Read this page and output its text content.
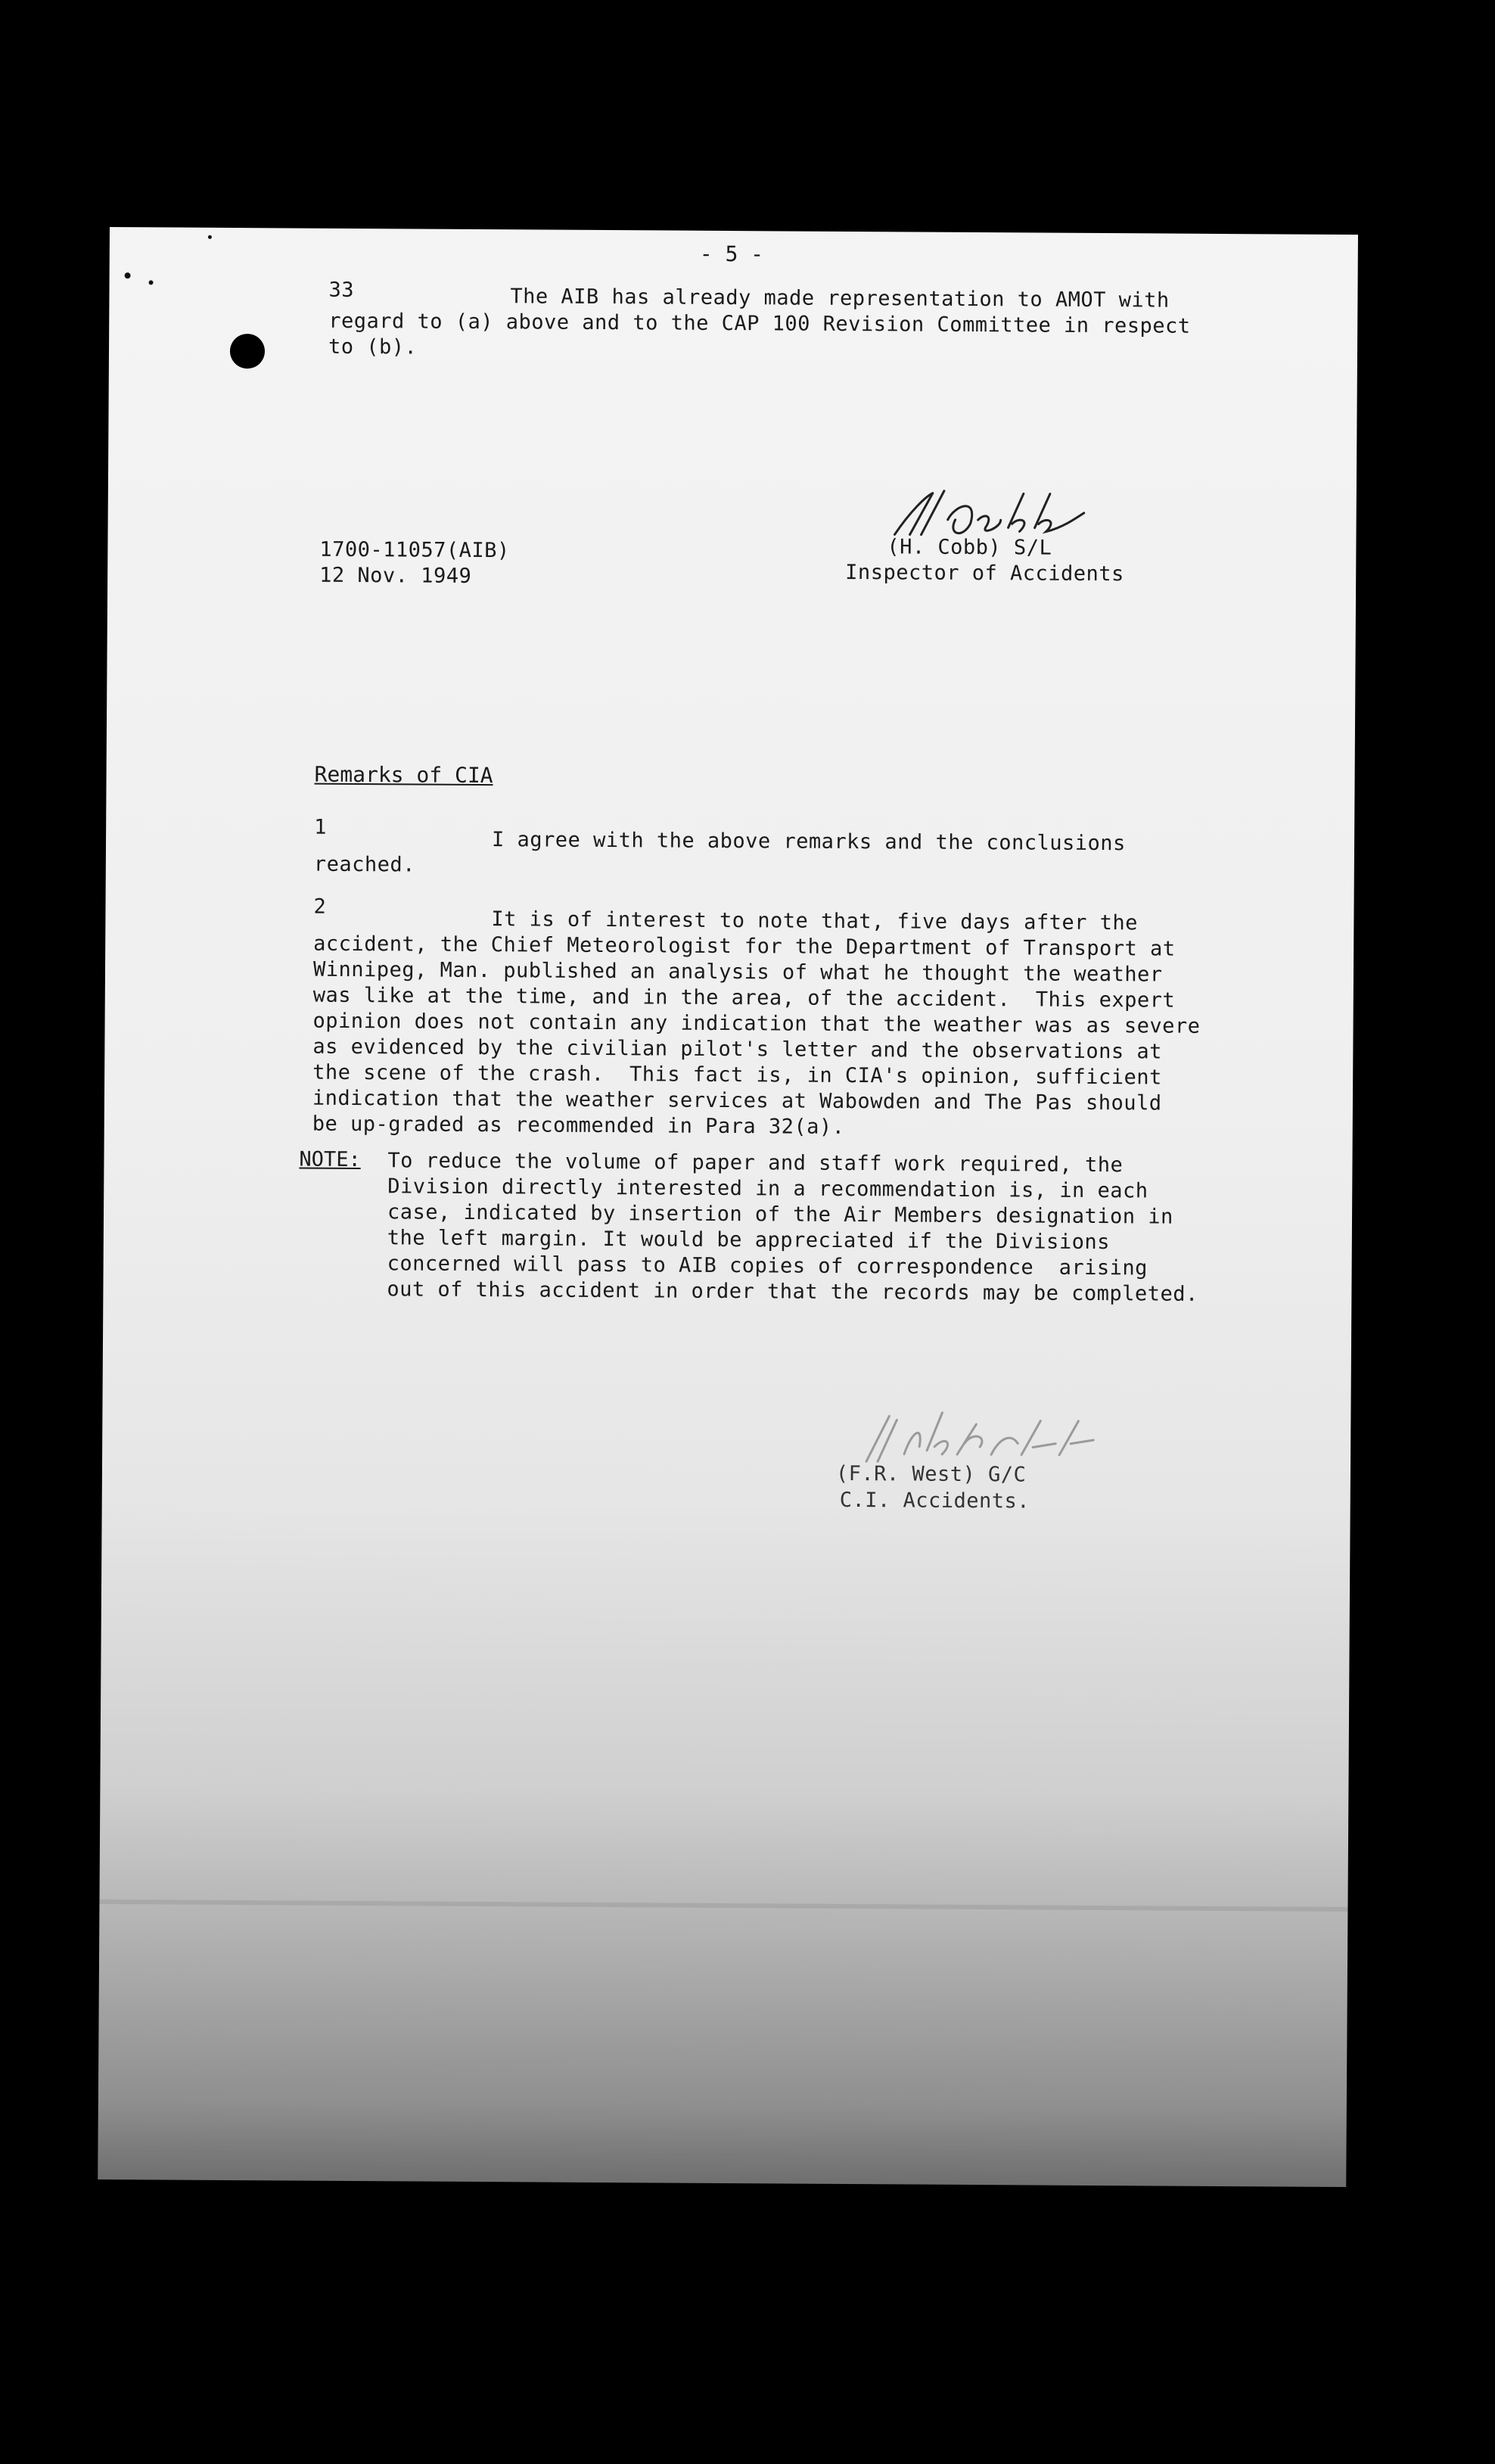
- 5 -
33	The AIB has already made representation to AMOT with
regard to (a) above and to the CAP 100 Revision Committee in respect
to (b).
1700-11057(AIB)
12 Nov. 1949
(H. Cobb) S/L
Inspector of Accidents
Remarks of CIA
1
I agree with the above remarks and the conclusions
reached.
2
It is of interest to note that, five days after the
accident, the Chief Meteorologist for the Department of Transport at
Winnipeg, Man. published an analysis of what he thought the weather
was like at the time, and in the area, of the accident.  This expert
opinion does not contain any indication that the weather was as severe
as evidenced by the civilian pilot's letter and the observations at
the scene of the crash.  This fact is, in CIA's opinion, sufficient
indication that the weather services at Wabowden and The Pas should
be up-graded as recommended in Para 32(a).
NOTE: To reduce the volume of paper and staff work required, the
Division directly interested in a recommendation is, in each
case, indicated by insertion of the Air Members designation in
the left margin. It would be appreciated if the Divisions
concerned will pass to AIB copies of correspondence  arising
out of this accident in order that the records may be completed.
(F.R. West) G/C
C.I. Accidents.
